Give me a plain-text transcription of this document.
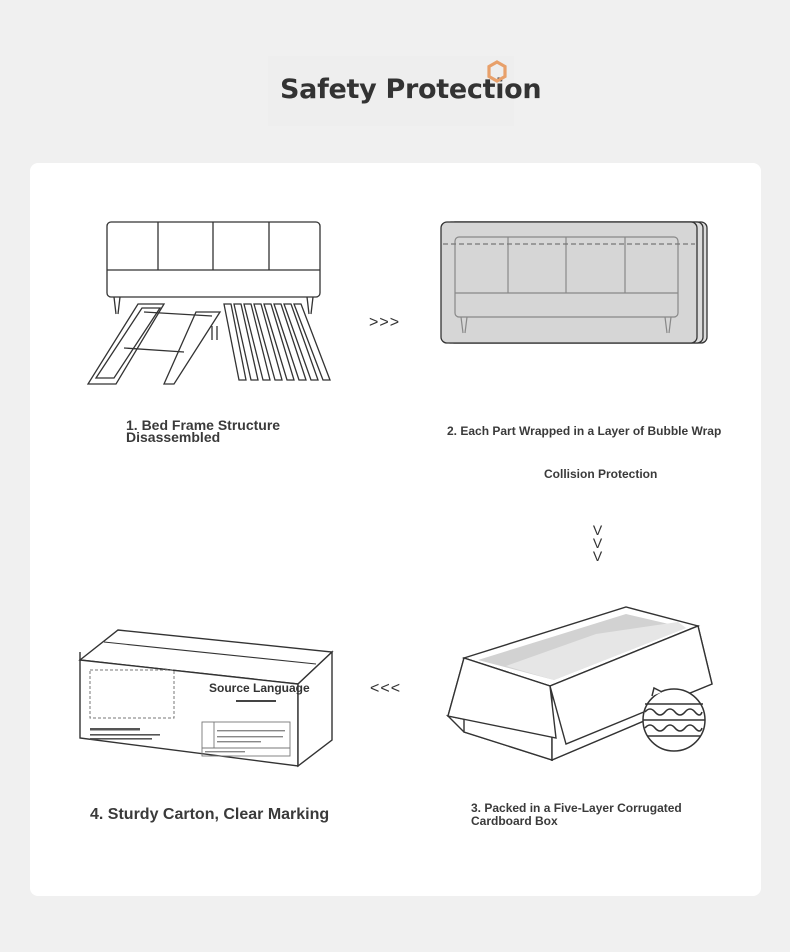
Safety Protection
Source Language
>>>
<<<
V
V
V
1. Bed Frame Structure
Disassembled	2. Each Part Wrapped in a Layer of Bubble Wrap
Collision Protection
3. Packed in a Five-Layer Corrugated
Cardboard Box
4. Sturdy Carton, Clear Marking
